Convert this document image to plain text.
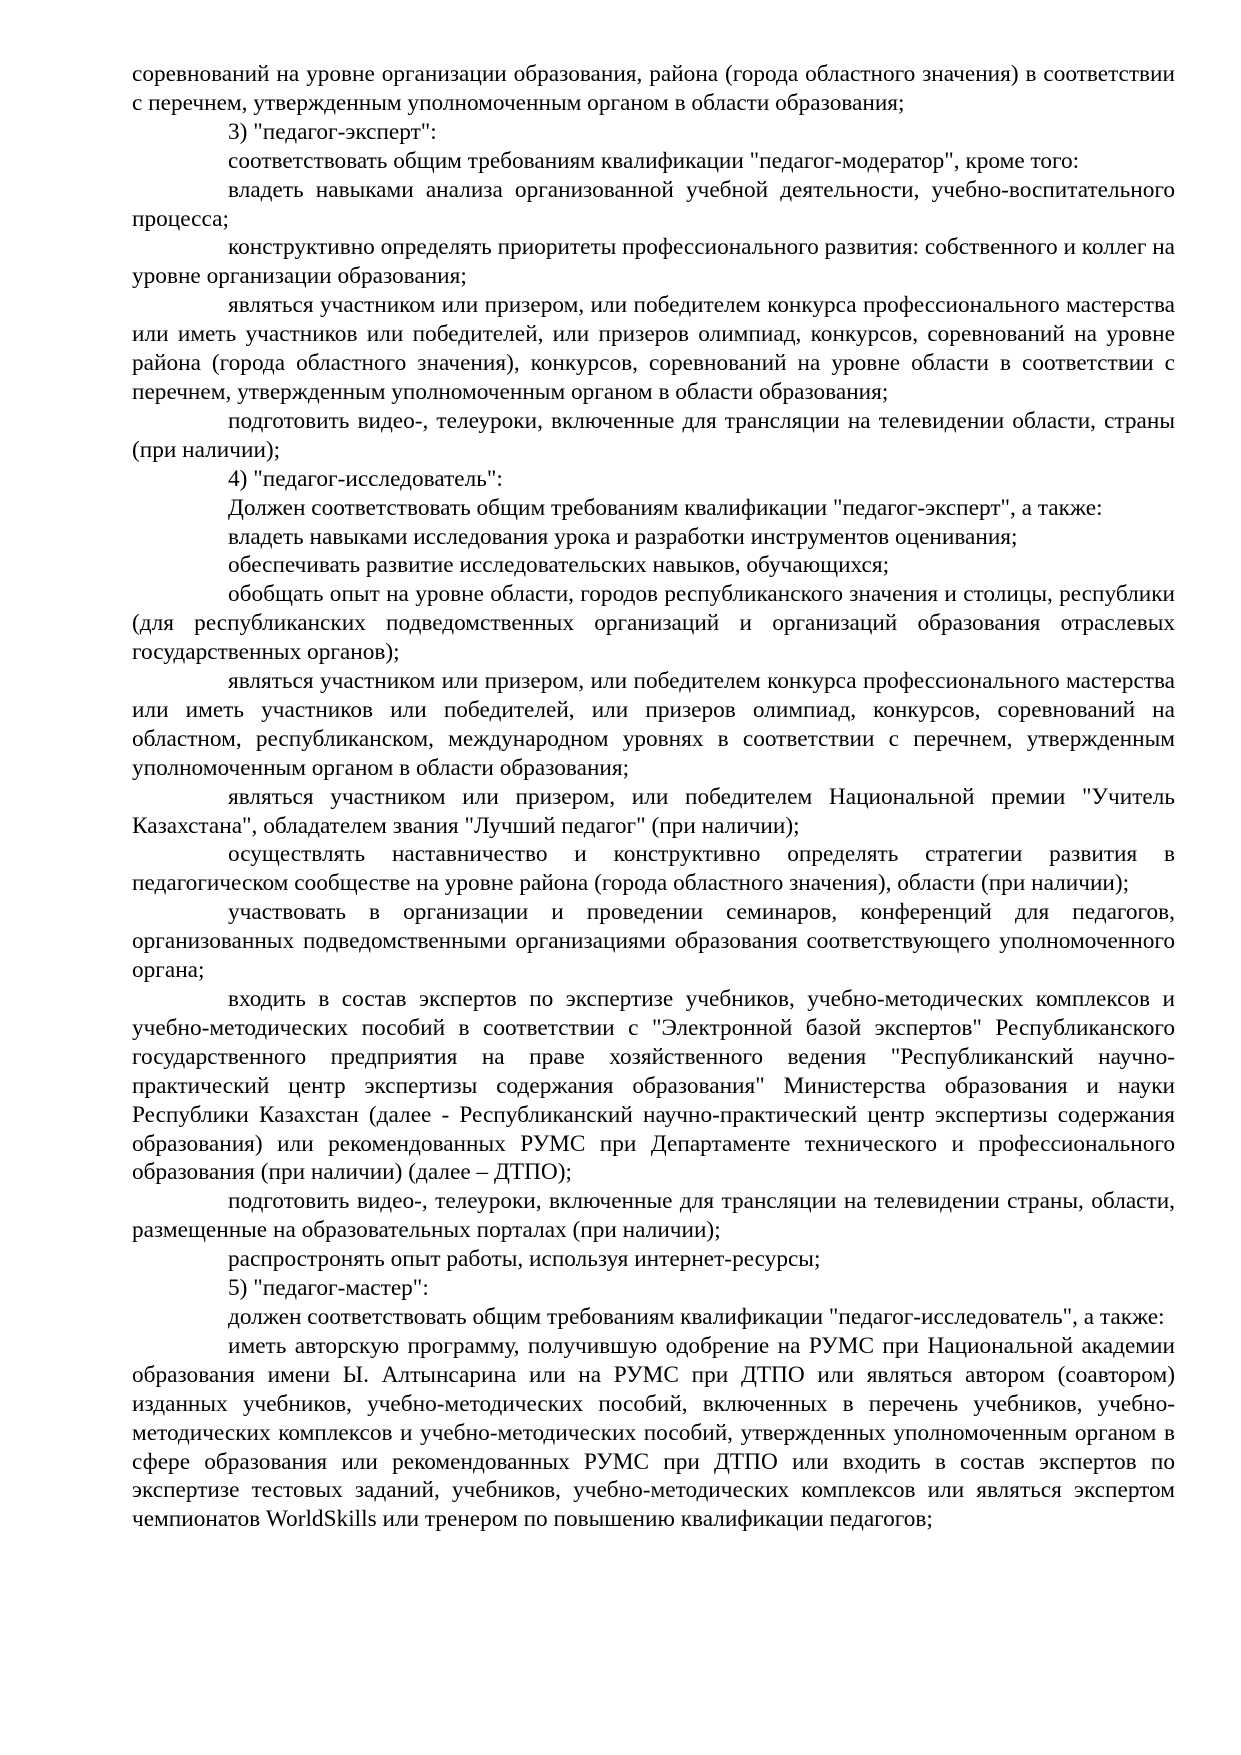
соревнований на уровне организации образования, района (города областного значения) в соответствии с перечнем, утвержденным уполномоченным органом в области образования;

3) "педагог-эксперт":

соответствовать общим требованиям квалификации "педагог-модератор", кроме того:

владеть навыками анализа организованной учебной деятельности, учебно-воспитательного процесса;

конструктивно определять приоритеты профессионального развития: собственного и коллег на уровне организации образования;

являться участником или призером, или победителем конкурса профессионального мастерства или иметь участников или победителей, или призеров олимпиад, конкурсов, соревнований на уровне района (города областного значения), конкурсов, соревнований на уровне области в соответствии с перечнем, утвержденным уполномоченным органом в области образования;

подготовить видео-, телеуроки, включенные для трансляции на телевидении области, страны (при наличии);

4) "педагог-исследователь":

Должен соответствовать общим требованиям квалификации "педагог-эксперт", а также:

владеть навыками исследования урока и разработки инструментов оценивания;

обеспечивать развитие исследовательских навыков, обучающихся;

обобщать опыт на уровне области, городов республиканского значения и столицы, республики (для республиканских подведомственных организаций и организаций образования отраслевых государственных органов);

являться участником или призером, или победителем конкурса профессионального мастерства или иметь участников или победителей, или призеров олимпиад, конкурсов, соревнований на областном, республиканском, международном уровнях в соответствии с перечнем, утвержденным уполномоченным органом в области образования;

являться участником или призером, или победителем Национальной премии "Учитель Казахстана", обладателем звания "Лучший педагог" (при наличии);

осуществлять наставничество и конструктивно определять стратегии развития в педагогическом сообществе на уровне района (города областного значения), области (при наличии);

участвовать в организации и проведении семинаров, конференций для педагогов, организованных подведомственными организациями образования соответствующего уполномоченного органа;

входить в состав экспертов по экспертизе учебников, учебно-методических комплексов и учебно-методических пособий в соответствии с "Электронной базой экспертов" Республиканского государственного предприятия на праве хозяйственного ведения "Республиканский научно-практический центр экспертизы содержания образования" Министерства образования и науки Республики Казахстан (далее - Республиканский научно-практический центр экспертизы содержания образования) или рекомендованных РУМС при Департаменте технического и профессионального образования (при наличии) (далее – ДТПО);

подготовить видео-, телеуроки, включенные для трансляции на телевидении страны, области, размещенные на образовательных порталах (при наличии);

распростронять опыт работы, используя интернет-ресурсы;

5) "педагог-мастер":

должен соответствовать общим требованиям квалификации "педагог-исследователь", а также:

иметь авторскую программу, получившую одобрение на РУМС при Национальной академии образования имени Ы. Алтынсарина или на РУМС при ДТПО или являться автором (соавтором) изданных учебников, учебно-методических пособий, включенных в перечень учебников, учебно-методических комплексов и учебно-методических пособий, утвержденных уполномоченным органом в сфере образования или рекомендованных РУМС при ДТПО или входить в состав экспертов по экспертизе тестовых заданий, учебников, учебно-методических комплексов или являться экспертом чемпионатов WorldSkills или тренером по повышению квалификации педагогов;
